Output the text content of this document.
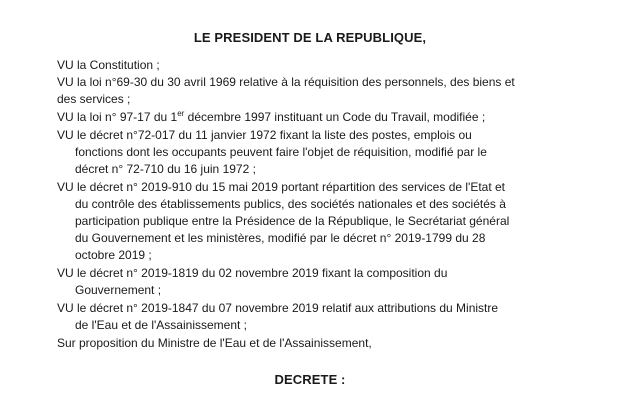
LE PRESIDENT DE LA REPUBLIQUE,
VU la Constitution ;
VU la loi n°69-30 du 30 avril 1969 relative à la réquisition des personnels, des biens et
des services ;
VU la loi n° 97-17 du 1er décembre 1997 instituant un Code du Travail, modifiée ;
VU le décret n°72-017 du 11 janvier 1972 fixant la liste des postes, emplois ou
fonctions dont les occupants peuvent faire l'objet de réquisition, modifié par le
décret n° 72-710 du 16 juin 1972 ;
VU le décret n° 2019-910 du 15 mai 2019 portant répartition des services de l'Etat et
du contrôle des établissements publics, des sociétés nationales et des sociétés à
participation publique entre la Présidence de la République, le Secrétariat général
du Gouvernement et les ministères, modifié par le décret n° 2019-1799 du 28
octobre 2019 ;
VU le décret n° 2019-1819 du 02 novembre 2019 fixant la composition du
Gouvernement ;
VU le décret n° 2019-1847 du 07 novembre 2019 relatif aux attributions du Ministre
de l'Eau et de l'Assainissement ;
Sur proposition du Ministre de l'Eau et de l'Assainissement,
DECRETE :
